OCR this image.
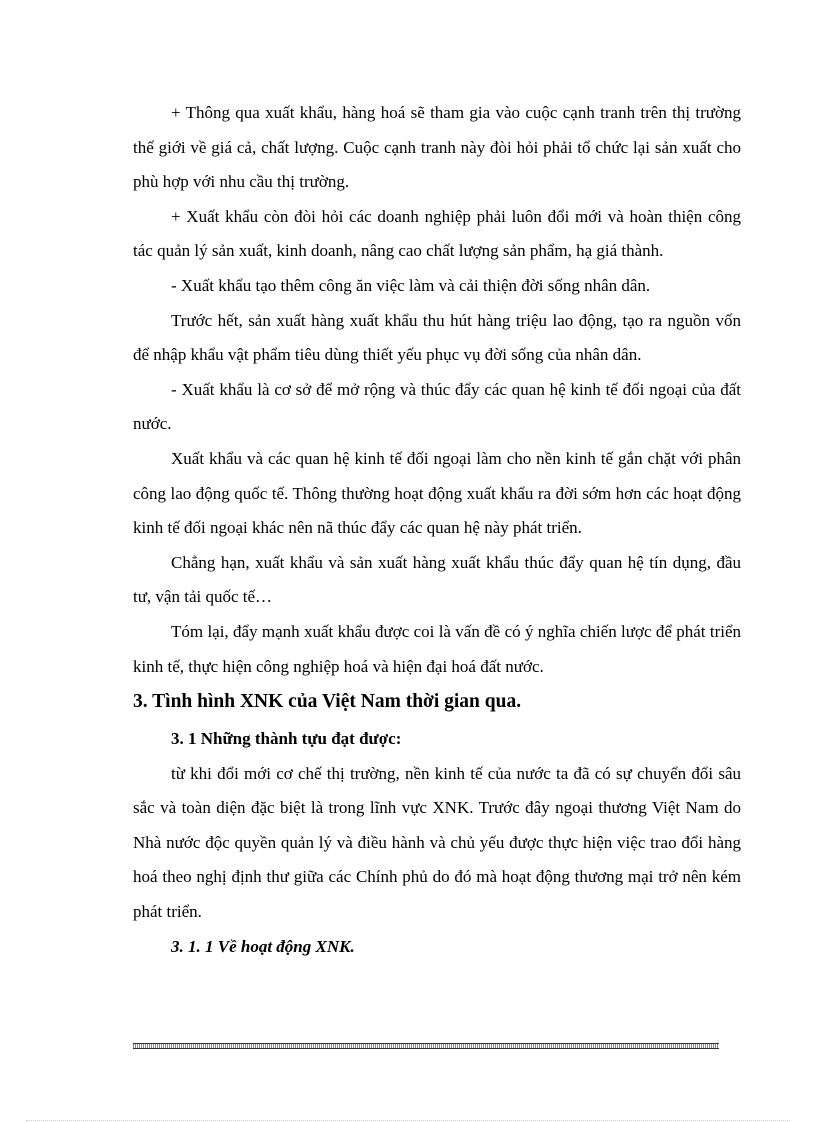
+ Thông qua xuất khẩu, hàng hoá sẽ tham gia vào cuộc cạnh tranh trên thị trường thế giới về giá cả, chất lượng. Cuộc cạnh tranh này đòi hỏi phải tổ chức lại sản xuất cho phù hợp với nhu cầu thị trường.

+ Xuất khẩu còn đòi hỏi các doanh nghiệp phải luôn đổi mới và hoàn thiện công tác quản lý sản xuất, kinh doanh, nâng cao chất lượng sản phẩm, hạ giá thành.

- Xuất khẩu tạo thêm công ăn việc làm và cải thiện đời sống nhân dân.

Trước hết, sản xuất hàng xuất khẩu thu hút hàng triệu lao động, tạo ra nguồn vốn để nhập khẩu vật phẩm tiêu dùng thiết yếu phục vụ đời sống của nhân dân.

- Xuất khẩu là cơ sở để mở rộng và thúc đẩy các quan hệ kinh tế đối ngoại của đất nước.

Xuất khẩu và các quan hệ kinh tế đối ngoại làm cho nền kinh tế gắn chặt với phân công lao động quốc tế. Thông thường hoạt động xuất khẩu ra đời sớm hơn các hoạt động kinh tế đối ngoại khác nên nã thúc đẩy các quan hệ này phát triển.

Chẳng hạn, xuất khẩu và sản xuất hàng xuất khẩu thúc đẩy quan hệ tín dụng, đầu tư, vận tải quốc tế…

Tóm lại, đẩy mạnh xuất khẩu được coi là vấn đề có ý nghĩa chiến lược để phát triển kinh tế, thực hiện công nghiệp hoá và hiện đại hoá đất nước.

3. Tình hình XNK của Việt Nam thời gian qua.
3. 1 Những thành tựu đạt được:

từ khi đổi mới cơ chế thị trường, nền kinh tế của nước ta đã có sự chuyển đổi sâu sắc và toàn diện đặc biệt là trong lĩnh vực XNK. Trước đây ngoại thương Việt Nam do Nhà nước độc quyền quản lý và điều hành và chủ yếu được thực hiện việc trao đổi hàng hoá theo nghị định thư giữa các Chính phủ do đó mà hoạt động thương mại trở nên kém phát triển.

3. 1. 1 Về hoạt động XNK.
